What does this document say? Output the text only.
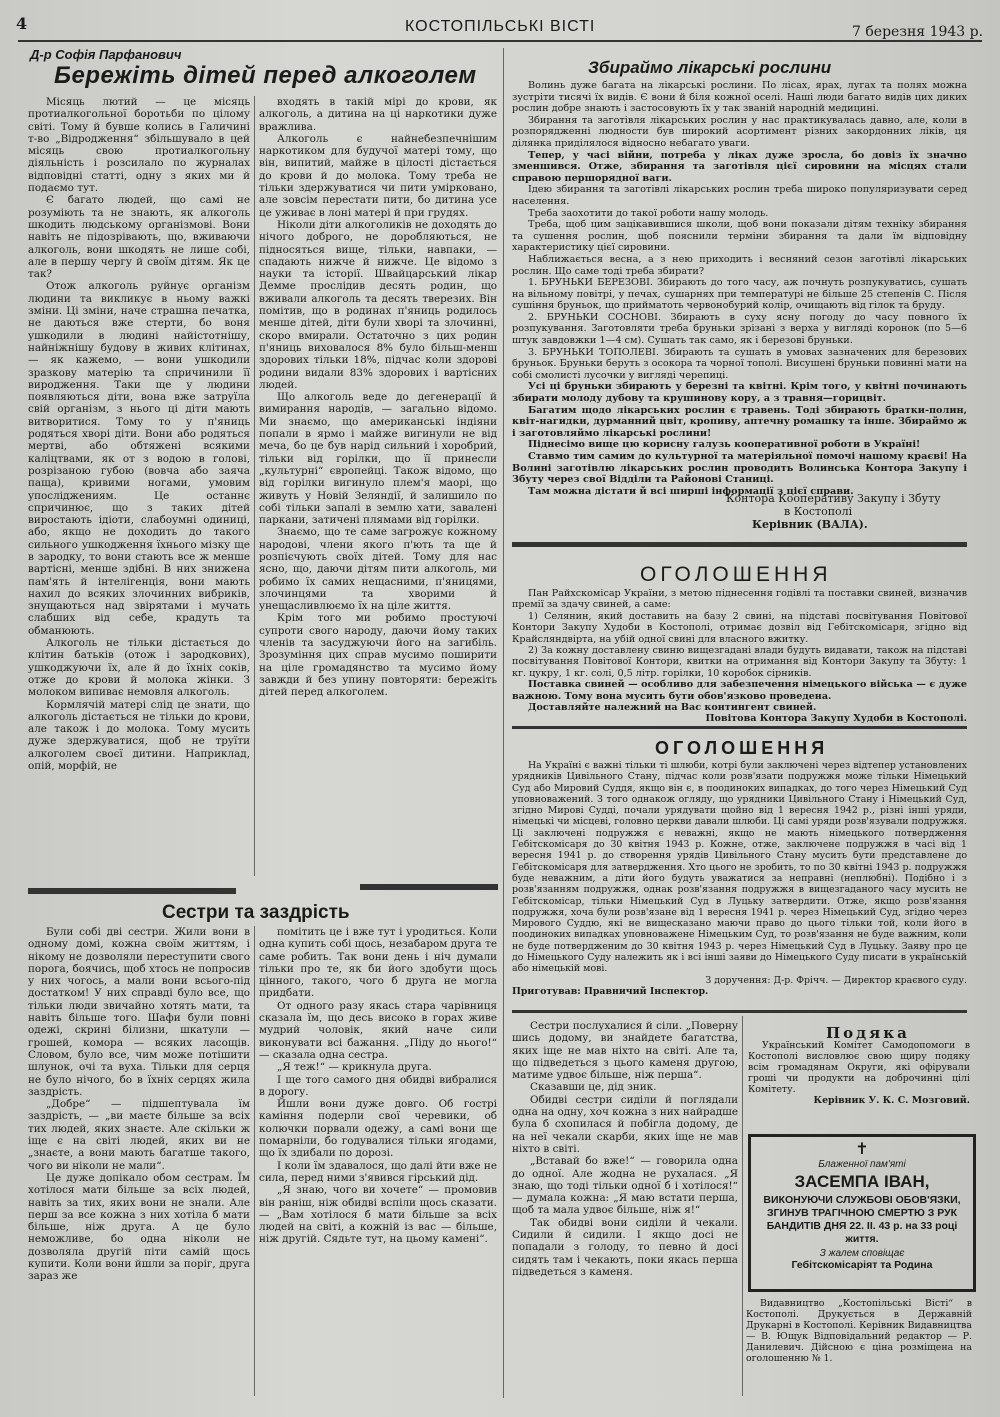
4	КОСТОПІЛЬСЬКІ ВІСТІ	7 березня 1943 р.
Д-р Софія Парфанович
Бережіть дітей перед алкоголем

Місяць лютий — це місяць протиалкогольної боротьби по цілому світі. Тому й бувше колись в Галичині т-во „Відродження“ збільшувало в цей місяць свою протиалкогольну діяльність і розсилало по журналах відповідні статті, одну з яких ми й подаємо тут.

Є багато людей, що самі не розуміють та не знають, як алкоголь шкодить людському організмові. Вони навіть не підозрівають, що, вживаючи алкоголь, вони шкодять не лише собі, але в першу чергу й своїм дітям. Як це так?

Отож алкоголь руйнує організм людини та викликує в ньому важкі зміни. Ці зміни, наче страшна печатка, не даються вже стерти, бо воня ушкодили в людині найістотнішу, найніжнішу будову в живих клітинах, — як кажемо, — вони ушкодили зразкову матерію та спричинили її виродження. Таки ще у людини появляються діти, вона вже затруїла свій організм, з нього ці діти мають витворитися. Тому то у п'яниць родяться хворі діти. Вони або родяться мертві, або обтяжені всякими каліцтвами, як от з водою в голові, розрізаною губою (вовча або заяча паща), кривими ногами, умовим упосліджениям. Це останнє спричинює, що з таких дітей виростають ідіоти, слабоумні одиниці, або, якщо не доходить до такого сильного ушкодження їхнього мізку ще в зародку, то вони стають все ж менше вартісні, менше здібні. В них знижена пам'ять й інтелігенція, вони мають нахил до всяких злочинних вибриків, знущаються над звірятами і мучать слабших від себе, крадуть та обманюють.

Алкоголь не тільки дістається до клітин батьків (отож і зародкових), ушкоджуючи їх, але й до їхніх соків, отже до крови й молока жінки. З молоком випиває немовля алкоголь.

Кормлячій матері слід це знати, що алкоголь дістається не тільки до крови, але також і до молока. Тому мусить дуже здержуватися, щоб не труїти алкоголем своєї дитини. Наприклад, опій, морфій, не

входять в такій мірі до крови, як алкоголь, а дитина на ці наркотики дуже вражлива.

Алкоголь є найнебезпечнішим наркотиком для будучої матері тому, що він, випитий, майже в цілості дістається до крови й до молока. Тому треба не тільки здержуватися чи пити умірковано, але зовсім перестати пити, бо дитина усе це уживає в лоні матері й при грудях.

Ніколи діти алкоголиків не доходять до нічого доброго, не доробляються, не підносяться вище, тільки, навпаки, — спадають нижче й нижче. Це відомо з науки та історії. Швайцарський лікар Демме прослідив десять родин, що вживали алкоголь та десять тверезих. Він помітив, що в родинах п'яниць родилось менше дітей, діти були хворі та злочинні, скоро вмирали. Остаточно з цих родин п'яниць виховалося 8% було більш-менш здорових тільки 18%, підчас коли здорові родини видали 83% здорових і вартісних людей.

Що алкоголь веде до дегенерації й вимирання народів, — загально відомо. Ми знаємо, що американські індіяни попали в ярмо і майже вигинули не від меча, бо це був нарід сильний і хоробрий, тільки від горілки, що її принесли „культурні“ європейці. Також відомо, що від горілки вигинуло плем'я маорі, що живуть у Новій Зеляндії, й залишило по собі тільки запалі в землю хати, завалені паркани, затичені плямами від горілки.

Знаємо, що те саме загрожує кожному народові, члени якого п'ють та ще й розпієчують своїх дітей. Тому для нас ясно, що, даючи дітям пити алкоголь, ми робимо їх самих нещасними, п'яницями, злочинцями та хворими й унещасливлюємо їх на ціле життя.

Крім того ми робимо простуючі супроти свого народу, даючи йому таких членів та засуджуючи його на загибіль. Зрозуміння цих справ мусимо поширити на ціле громадянство та мусимо йому завжди й без упину повторяти: бережіть дітей перед алкоголем.

Збираймо лікарські рослини

Волинь дуже багата на лікарські рослини. По лісах, ярах, лугах та полях можна зустріти тисячі їх видів. Є вони й біля кожної оселі. Наші люди багато видів цих диких рослин добре знають і застосовують їх у так званій народній медицині.

Збирання та заготівля лікарських рослин у нас практикувалась давно, але, коли в розпорядженні людности був широкий асортимент різних закордонних ліків, ця ділянка приділялося відносно небагато уваги.

Тепер, у часі війни, потреба у ліках дуже зросла, бо довіз їх значно зменшився. Отже, збирання та заготівля цієї сировини на місцях стали справою першорядної ваги.

Ідею збирання та заготівлі лікарських рослин треба широко популяризувати серед населення.

Треба заохотити до такої роботи нашу молодь.

Треба, щоб цим зацікавившися школи, щоб вони показали дітям техніку збирання та сушення рослин, щоб пояснили терміни збирання та дали їм відповідну характеристику цієї сировини.

Наближається весна, а з нею приходить і весняний сезон заготівлі лікарських рослин. Що саме тоді треба збирати?

1. БРУНЬКИ БЕРЕЗОВІ. Збирають до того часу, аж почнуть розпукуватись, сушать на вільному повітрі, у печах, сушарнях при температурі не більше 25 степенів С. Після сушіння бруньок, що прийматоть червонобурий колір, очищають від гілок та бруду.

2. БРУНЬКИ СОСНОВІ. Збирають в суху ясну погоду до часу повного їх розпукування. Заготовляти треба бруньки зрізані з верха у вигляді коронок (по 5—6 штук завдовжки 1—4 см). Сушать так само, як і березові бруньки.

3. БРУНЬКИ ТОПОЛЕВІ. Збирають та сушать в умовах зазначених для березових бруньок. Бруньки беруть з осокора та чорної тополі. Висушені бруньки повинні мати на собі смолисті лусочки у вигляді черепиці.

Усі ці бруньки збирають у березні та квітні. Крім того, у квітні починають збирати молоду дубову та крушинову кору, а з травня—горицвіт.

Багатим щодо лікарських рослин є травень. Тоді збирають братки-полин, квіт-нагидки, дурманний цвіт, кропиву, аптечну ромашку та інше. Збираймо ж і заготовляймо лікарські рослини!

Піднесімо вище цю корисну галузь кооперативної роботи в Україні!

Ставмо тим самим до культурної та матеріяльної помочі нашому краєві! На Волині заготівлю лікарських рослин проводить Волинська Контора Закупу і Збуту через свої Відділи та Районові Станиці.

Там можна дістати й всі ширші інформації з цієї справи.

Контора Кооперативу Закупу і Збуту
в Костополі
Керівник (ВАЛА).
ОГОЛОШЕННЯ

Пан Райхскомісар України, з метою піднесення годівлі та поставки свиней, визначив премії за здачу свиней, а саме:

1) Селянин, який доставить на базу 2 свині, на підставі посвітування Повітової Контори Закупу Худоби в Костополі, отримає дозвіл від Гебітскомісаря, згідно від Крайсляндвірта, на убій одної свині для власного вжитку.

2) За кожну доставлену свиню вищезгадані влади будуть видавати, також на підставі посвітування Повітової Контори, квитки на отримання від Контори Закупу та Збуту: 1 кг. цукру, 1 кг. солі, 0,5 літр. горілки, 10 коробок сірників.

Поставка свиней — особливо для забезпечення німецького війська — є дуже важною. Тому вона мусить бути обов'язково проведена.

Доставляйте належний на Вас контингент свиней.

Повітова Контора Закупу Худоби в Костополі.

ОГОЛОШЕННЯ

На Україні є важні тільки ті шлюби, котрі були заключені через відтепер установлених урядників Цивільного Стану, підчас коли розв'язати подружжя може тільки Німецький Суд або Мировий Суддя, якщо він є, в поодиноких випадках, до того через Німецький Суд уповноважений. З того однакож огляду, що урядники Цивільного Стану і Німецький Суд, згідно Мирові Судді, почали урядувати щойно від 1 вересня 1942 р., різні інші уряди, німецькі чи місцеві, головно церкви давали шлюби. Ці самі уряди розв'язували подружжя. Ці заключені подружжя є неважні, якщо не мають німецького потвердження Гебітскомісаря до 30 квітня 1943 р. Кожне, отже, заключене подружжя в часі від 1 вересня 1941 р. до створення урядів Цивільного Стану мусить бути представлене до Гебітскомісаря для затвердження. Хто цього не зробить, то по 30 квітні 1943 р. подружжя буде неважним, а діти його будуть уважатися за неправні (неплюбні). Подібно і з розв'язанням подружжя, однак розв'язання подружжя в вищезгаданого часу мусить не Гебітскомісар, тільки Німецький Суд в Луцьку затвердити. Отже, якщо розв'язання подружжя, хоча були розв'язане від 1 вересня 1941 р. через Німецький Суд, згідно через Мирового Суддю, які не вищесказано маючи право до цього тільки той, коли його в поодиноких випадках уповноважене Німецьким Суд, то розв'язання не буде важним, коли не буде потвердженим до 30 квітня 1943 р. через Німецький Суд в Луцьку. Заяву про це до Німецького Суду належить як і всі інші заяви до Німецького Суду писати в українській або німецькій мові.

З доручення: Д-р. Фрічч. — Директор краєвого суду.

Приготував: Правничий Інспектор.

Сестри та заздрість

Були собі дві сестри. Жили вони в одному домі, кожна своїм життям, і нікому не дозволяли переступити свого порога, боячись, щоб хтось не попросив у них чогось, а мали вони всього-під достатком! У них справді було все, що тільки люди звичайно хотять мати, та навіть більше того. Шафи були повні одежі, скрині білизни, шкатули — грошей, комора — всяких ласощів. Словом, було все, чим може потішити шлунок, очі та вуха. Тільки для серця не було нічого, бо в їхніх серцях жила заздрість.

„Добре“ — підшептувала їм заздрість, — „ви маєте більше за всіх тих людей, яких знаєте. Але скільки ж іще є на світі людей, яких ви не „знаєте, а вони мають багатше такого, чого ви ніколи не мали“.

Це дуже допікало обом сестрам. Їм хотілося мати більше за всіх людей, навіть за тих, яких вони не знали. Але перш за все кожна з них хотіла б мати більше, ніж друга. А це було неможливе, бо одна ніколи не дозволяла другій піти самій щось купити. Коли вони йшли за поріг, друга зараз же

помітить це і вже тут і уродиться. Коли одна купить собі щось, незабаром друга те саме робить. Так вони день і ніч думали тільки про те, як би його здобути щось цінного, такого, чого б друга не могла придбати.

От одного разу якась стара чарівниця сказала їм, що десь високо в горах живе мудрий чоловік, який наче сили виконувати всі бажання. „Піду до нього!“ — сказала одна сестра.

„Я теж!“ — крикнула друга.

І ще того самого дня обидві вибралися в дорогу.

Йшли вони дуже довго. Об гострі каміння подерли свої черевики, об колючки порвали одежу, а самі вони ще помарніли, бо годувалися тільки ягодами, що їх здибали по дорозі.

І коли їм здавалося, що далі йти вже не сила, перед ними з'явився гірський дід.

„Я знаю, чого ви хочете“ — промовив він раніш, ніж обидві вспіли щось сказати. — „Вам хотілося б мати більше за всіх людей на світі, а кожній із вас — більше, ніж другій. Сядьте тут, на цьому камені“.

Сестри послухалися й сіли. „Поверну шись додому, ви знайдете багатства, яких іще не мав ніхто на світі. Але та, що підведеться з цього каменя другою, матиме удвоє більше, ніж перша“.

Сказавши це, дід зник.

Обидві сестри сиділи й поглядали одна на одну, хоч кожна з них найрадше була б схопилася й побігла додому, де на неї чекали скарби, яких іще не мав ніхто в світі.

„Вставай бо вже!“ — говорила одна до одної. Але жодна не рухалася. „Я знаю, що тоді тільки одної б і хотілося!“ — думала кожна: „Я маю встати перша, щоб та мала удвоє більше, ніж я!“

Так обидві вони сиділи й чекали. Сидили й сидили. І якщо досі не попадали з голоду, то певно й досі сидять там і чекають, поки якась перша підведеться з каменя.

Подяка

Український Комітет Самодопомоги в Костополі висловлює свою щиру подяку всім громадянам Округи, які офірували гроші чи продукти на доброчинні цілі Комітету.

Керівник У. К. С. Мозговий.

✝
Блаженної пам'яті
ЗАСЕМПА ІВАН,
ВИКОНУЮЧИ СЛУЖБОВІ ОБОВ'ЯЗКИ, ЗГИНУВ ТРАГІЧНОЮ СМЕРТЮ З РУК БАНДИТІВ ДНЯ 22. II. 43 р. на 33 році життя.
З жалем сповіщає
Гебітскомісаріят та Родина

Видавництво „Костопільські Вісті“ в Костополі. Друкується в Державній Друкарні в Костополі. Керівник Видавництва — В. Ющук Відповідальний редактор — Р. Данилевич. Дійсною є ціна розміщена на оголошенню № 1.
